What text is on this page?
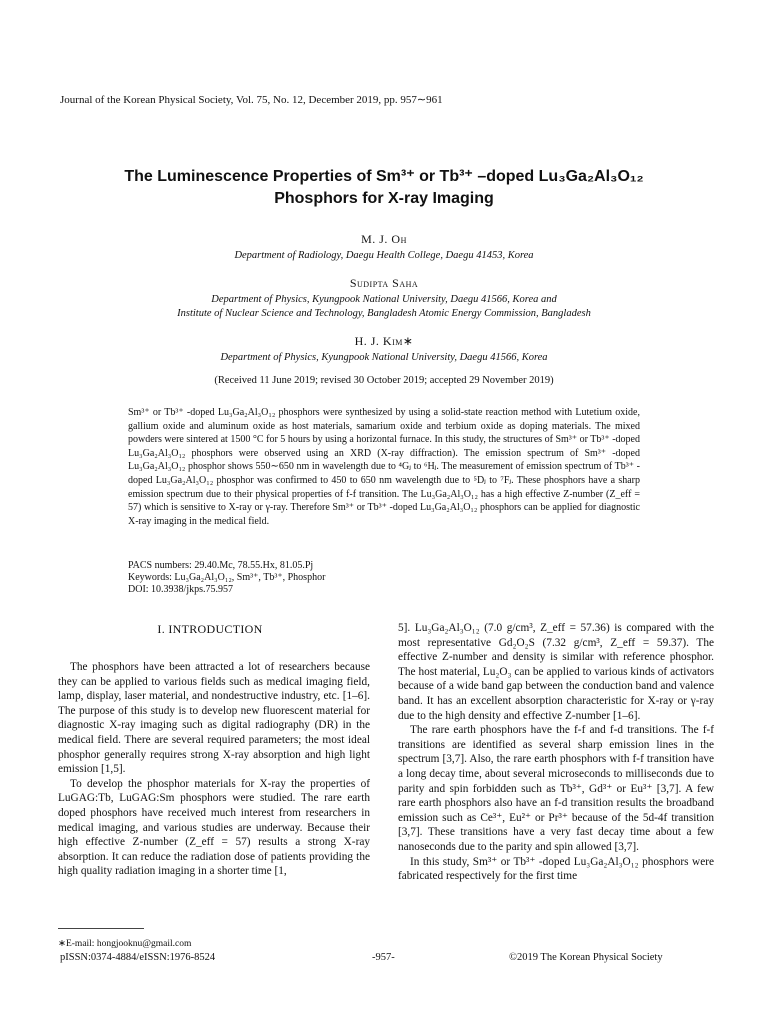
Journal of the Korean Physical Society, Vol. 75, No. 12, December 2019, pp. 957∼961
The Luminescence Properties of Sm³⁺ or Tb³⁺ –doped Lu₃Ga₂Al₃O₁₂
Phosphors for X-ray Imaging
M. J. Oh
Department of Radiology, Daegu Health College, Daegu 41453, Korea
Sudipta Saha
Department of Physics, Kyungpook National University, Daegu 41566, Korea and
Institute of Nuclear Science and Technology, Bangladesh Atomic Energy Commission, Bangladesh
H. J. Kim∗
Department of Physics, Kyungpook National University, Daegu 41566, Korea
(Received 11 June 2019; revised 30 October 2019; accepted 29 November 2019)
Sm³⁺ or Tb³⁺ -doped Lu₃Ga₂Al₃O₁₂ phosphors were synthesized by using a solid-state reaction method with Lutetium oxide, gallium oxide and aluminum oxide as host materials, samarium oxide and terbium oxide as doping materials. The mixed powders were sintered at 1500 °C for 5 hours by using a horizontal furnace. In this study, the structures of Sm³⁺ or Tb³⁺ -doped Lu₃Ga₂Al₃O₁₂ phosphors were observed using an XRD (X-ray diffraction). The emission spectrum of Sm³⁺ -doped Lu₃Ga₂Al₃O₁₂ phosphor shows 550∼650 nm in wavelength due to ⁴Gⱼ to ⁶Hⱼ. The measurement of emission spectrum of Tb³⁺ -doped Lu₃Ga₂Al₃O₁₂ phosphor was confirmed to 450 to 650 nm wavelength due to ⁵Dⱼ to ⁷Fⱼ. These phosphors have a sharp emission spectrum due to their physical properties of f-f transition. The Lu₃Ga₂Al₃O₁₂ has a high effective Z-number (Z_eff = 57) which is sensitive to X-ray or γ-ray. Therefore Sm³⁺ or Tb³⁺ -doped Lu₃Ga₂Al₃O₁₂ phosphors can be applied for diagnostic X-ray imaging in the medical field.
PACS numbers: 29.40.Mc, 78.55.Hx, 81.05.Pj
Keywords: Lu₃Ga₂Al₃O₁₂, Sm³⁺, Tb³⁺, Phosphor
DOI: 10.3938/jkps.75.957
I. INTRODUCTION

The phosphors have been attracted a lot of researchers because they can be applied to various fields such as medical imaging field, lamp, display, laser material, and nondestructive industry, etc. [1–6]. The purpose of this study is to develop new fluorescent material for diagnostic X-ray imaging such as digital radiography (DR) in the medical field. There are several required parameters; the most ideal phosphor generally requires strong X-ray absorption and high light emission [1,5].

To develop the phosphor materials for X-ray the properties of LuGAG:Tb, LuGAG:Sm phosphors were studied. The rare earth doped phosphors have received much interest from researchers in medical imaging, and various studies are underway. Because their high effective Z-number (Z_eff = 57) results a strong X-ray absorption. It can reduce the radiation dose of patients providing the high quality radiation imaging in a shorter time [1,

5]. Lu₃Ga₂Al₃O₁₂ (7.0 g/cm³, Z_eff = 57.36) is compared with the most representative Gd₂O₂S (7.32 g/cm³, Z_eff = 59.37). The effective Z-number and density is similar with reference phosphor. The host material, Lu₂O₃ can be applied to various kinds of activators because of a wide band gap between the conduction band and valence band. It has an excellent absorption characteristic for X-ray or γ-ray due to the high density and effective Z-number [1–6].

The rare earth phosphors have the f-f and f-d transitions. The f-f transitions are identified as several sharp emission lines in the spectrum [3,7]. Also, the rare earth phosphors with f-f transition have a long decay time, about several microseconds to milliseconds due to parity and spin forbidden such as Tb³⁺, Gd³⁺ or Eu³⁺ [3,7]. A few rare earth phosphors also have an f-d transition results the broadband emission such as Ce³⁺, Eu²⁺ or Pr³⁺ because of the 5d-4f transition [3,7]. These transitions have a very fast decay time about a few nanoseconds due to the parity and spin allowed [3,7].

In this study, Sm³⁺ or Tb³⁺ -doped Lu₃Ga₂Al₃O₁₂ phosphors were fabricated respectively for the first time

∗E-mail: hongjooknu@gmail.com
pISSN:0374-4884/eISSN:1976-8524	-957-	©2019 The Korean Physical Society
